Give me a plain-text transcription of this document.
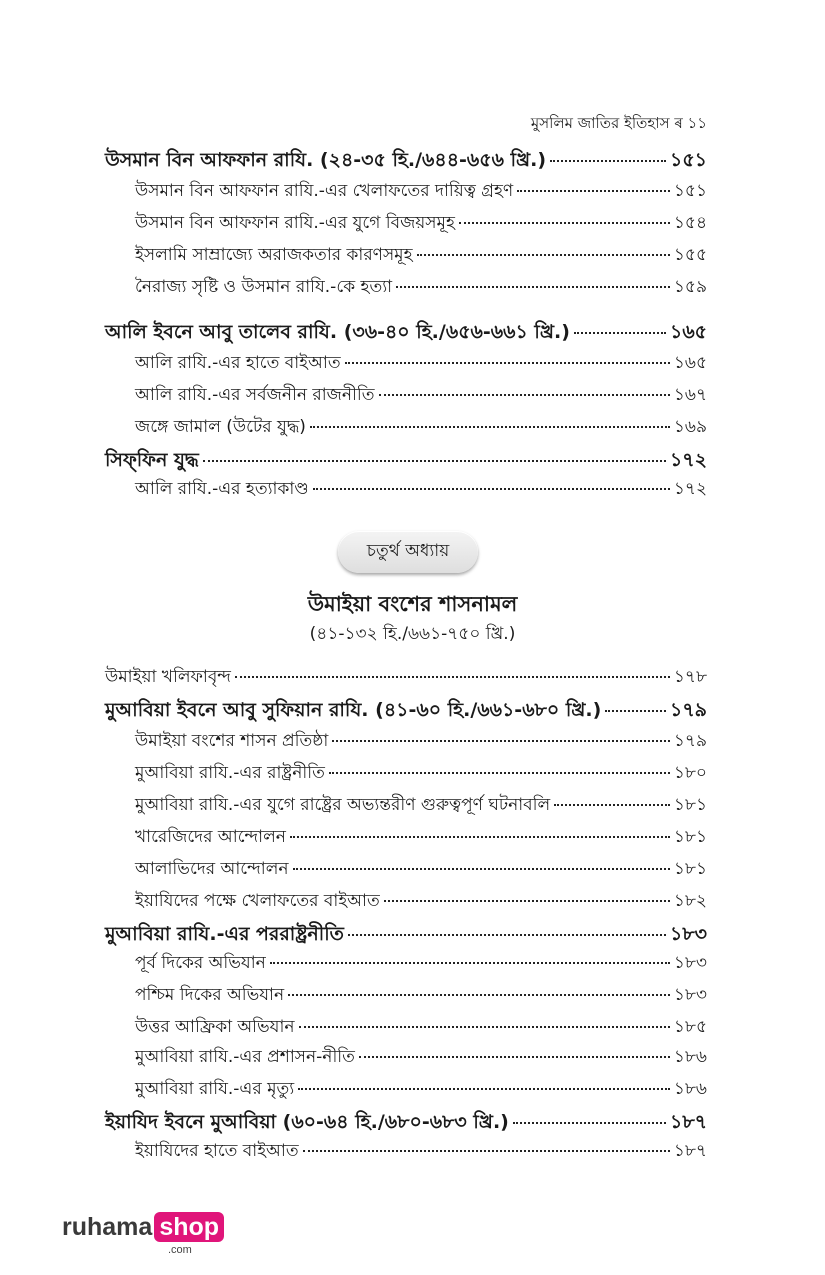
মুসলিম জাতির ইতিহাস ৰ ১১
উসমান বিন আফফান রাযি. (২৪-৩৫ হি./৬৪৪-৬৫৬ খ্রি.)	১৫১
উসমান বিন আফফান রাযি.-এর খেলাফতের দায়িত্ব গ্রহণ	১৫১
উসমান বিন আফফান রাযি.-এর যুগে বিজয়সমূহ	১৫৪
ইসলামি সাম্রাজ্যে অরাজকতার কারণসমূহ	১৫৫
নৈরাজ্য সৃষ্টি ও উসমান রাযি.-কে হত্যা	১৫৯
আলি ইবনে আবু তালেব রাযি. (৩৬-৪০ হি./৬৫৬-৬৬১ খ্রি.)	১৬৫
আলি রাযি.-এর হাতে বাইআত	১৬৫
আলি রাযি.-এর সর্বজনীন রাজনীতি	১৬৭
জঙ্গে জামাল (উটের যুদ্ধ)	১৬৯
সিফ্‌ফিন যুদ্ধ	১৭২
আলি রাযি.-এর হত্যাকাণ্ড	১৭২
চতুর্থ অধ্যায়
উমাইয়া বংশের শাসনামল
(৪১-১৩২ হি./৬৬১-৭৫০ খ্রি.)
উমাইয়া খলিফাবৃন্দ	১৭৮
মুআবিয়া ইবনে আবু সুফিয়ান রাযি. (৪১-৬০ হি./৬৬১-৬৮০ খ্রি.)	১৭৯
উমাইয়া বংশের শাসন প্রতিষ্ঠা	১৭৯
মুআবিয়া রাযি.-এর রাষ্ট্রনীতি	১৮০
মুআবিয়া রাযি.-এর যুগে রাষ্ট্রের অভ্যন্তরীণ গুরুত্বপূর্ণ ঘটনাবলি	১৮১
খারেজিদের আন্দোলন	১৮১
আলাভিদের আন্দোলন	১৮১
ইয়াযিদের পক্ষে খেলাফতের বাইআত	১৮২
মুআবিয়া রাযি.-এর পররাষ্ট্রনীতি	১৮৩
পূর্ব দিকের অভিযান	১৮৩
পশ্চিম দিকের অভিযান	১৮৩
উত্তর আফ্রিকা অভিযান	১৮৫
মুআবিয়া রাযি.-এর প্রশাসন-নীতি	১৮৬
মুআবিয়া রাযি.-এর মৃত্যু	১৮৬
ইয়াযিদ ইবনে মুআবিয়া (৬০-৬৪ হি./৬৮০-৬৮৩ খ্রি.)	১৮৭
ইয়াযিদের হাতে বাইআত	১৮৭
ruhama shop
.com
